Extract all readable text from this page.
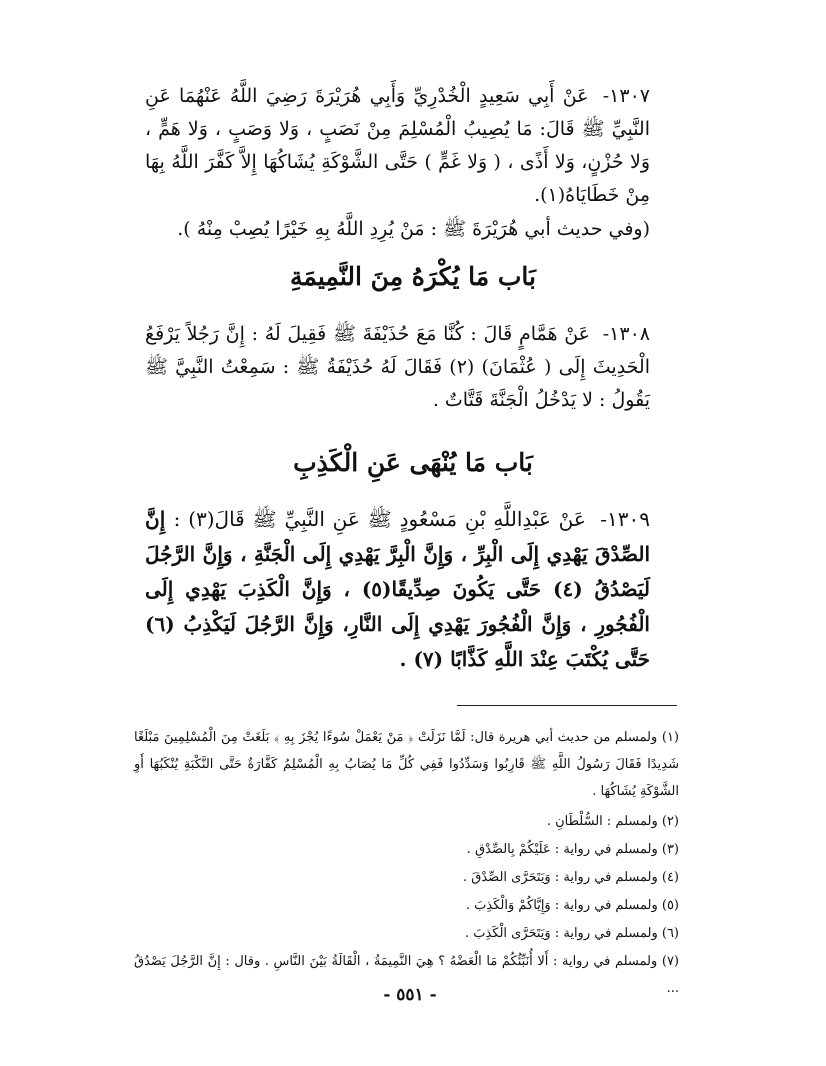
١٣٠٧- عَنْ أَبِي سَعِيدٍ الْخُدْرِيِّ وَأَبِي هُرَيْرَةَ رَضِيَ اللَّهُ عَنْهُمَا عَنِ النَّبِيِّ ﷺ قَالَ: مَا يُصِيبُ الْمُسْلِمَ مِنْ نَصَبٍ ، وَلا وَصَبٍ ، وَلا هَمٍّ ، وَلا حُزْنٍ، وَلا أَذًى ، ( وَلا غَمٍّ ) حَتَّى الشَّوْكَةِ يُشَاكُهَا إِلاَّ كَفَّرَ اللَّهُ بِهَا مِنْ خَطَايَاهُ(١).
(وفي حديث أبي هُرَيْرَةَ ﷺ : مَنْ يُرِدِ اللَّهُ بِهِ خَيْرًا يُصِبْ مِنْهُ ).
بَاب مَا يُكْرَهُ مِنَ النَّمِيمَةِ
١٣٠٨- عَنْ هَمَّامٍ قَالَ : كُنَّا مَعَ حُذَيْفَةَ ﷺ فَقِيلَ لَهُ : إِنَّ رَجُلاً يَرْفَعُ الْحَدِيثَ إِلَى ( عُثْمَانَ) (٢) فَقَالَ لَهُ حُذَيْفَةُ ﷺ : سَمِعْتُ النَّبِيَّ ﷺ يَقُولُ : لا يَدْخُلُ الْجَنَّةَ قَتَّاتٌ .
بَاب مَا يُنْهَى عَنِ الْكَذِبِ
١٣٠٩- عَنْ عَبْدِاللَّهِ بْنِ مَسْعُودٍ ﷺ عَنِ النَّبِيِّ ﷺ قَالَ(٣) : إِنَّ الصِّدْقَ يَهْدِي إِلَى الْبِرِّ ، وَإِنَّ الْبِرَّ يَهْدِي إِلَى الْجَنَّةِ ، وَإِنَّ الرَّجُلَ لَيَصْدُقُ (٤) حَتَّى يَكُونَ صِدِّيقًا(٥) ، وَإِنَّ الْكَذِبَ يَهْدِي إِلَى الْفُجُورِ ، وَإِنَّ الْفُجُورَ يَهْدِي إِلَى النَّارِ، وَإِنَّ الرَّجُلَ لَيَكْذِبُ (٦) حَتَّى يُكْتَبَ عِنْدَ اللَّهِ كَذَّابًا (٧) .
(١) ولمسلم من حديث أبي هريرة قال: لَمَّا نَزَلَتْ ﴿ مَنْ يَعْمَلْ سُوءًا يُجْزَ بِهِ ﴾ بَلَغَتْ مِنَ الْمُسْلِمِينَ مَبْلَغًا شَدِيدًا فَقَالَ رَسُولُ اللَّهِ ﷺ قَارِبُوا وَسَدِّدُوا فَفِي كُلِّ مَا يُصَابُ بِهِ الْمُسْلِمُ كَفَّارَةٌ حَتَّى النَّكْبَةِ يُنْكَبُهَا أَوِ الشَّوْكَةِ يُشَاكُهَا .
(٢) ولمسلم : السُّلْطَانِ .
(٣) ولمسلم في رواية : عَلَيْكُمْ بِالصِّدْقِ .
(٤) ولمسلم في رواية : وَيَتَحَرَّى الصِّدْقَ .
(٥) ولمسلم في رواية : وَإِيَّاكُمْ وَالْكَذِبَ .
(٦) ولمسلم في رواية : وَيَتَحَرَّى الْكَذِبَ .
(٧) ولمسلم في رواية : أَلا أُنَبِّئُكُمْ مَا الْعَضْهُ ؟ هِيَ النَّمِيمَةُ ، الْقَالَةُ بَيْنَ النَّاسِ . وقال : إِنَّ الرَّجُلَ يَصْدُقُ ...
- ٥٥١ -
